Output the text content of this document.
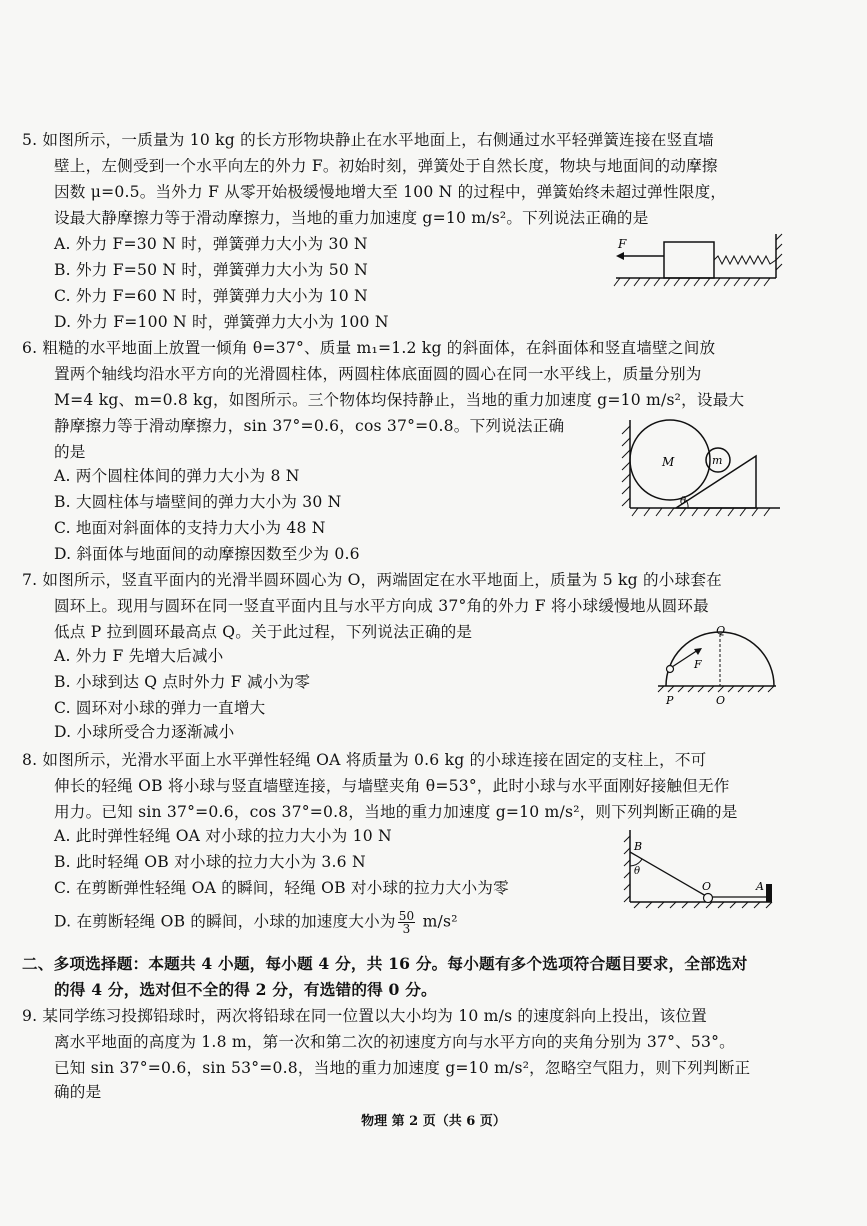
5. 如图所示，一质量为 10 kg 的长方形物块静止在水平地面上，右侧通过水平轻弹簧连接在竖直墙
壁上，左侧受到一个水平向左的外力 F。初始时刻，弹簧处于自然长度，物块与地面间的动摩擦
因数 μ=0.5。当外力 F 从零开始极缓慢地增大至 100 N 的过程中，弹簧始终未超过弹性限度，
设最大静摩擦力等于滑动摩擦力，当地的重力加速度 g=10 m/s²。下列说法正确的是
A. 外力 F=30 N 时，弹簧弹力大小为 30 N
B. 外力 F=50 N 时，弹簧弹力大小为 50 N
C. 外力 F=60 N 时，弹簧弹力大小为 10 N
D. 外力 F=100 N 时，弹簧弹力大小为 100 N
F
6. 粗糙的水平地面上放置一倾角 θ=37°、质量 m₁=1.2 kg 的斜面体，在斜面体和竖直墙壁之间放
置两个轴线均沿水平方向的光滑圆柱体，两圆柱体底面圆的圆心在同一水平线上，质量分别为
M=4 kg、m=0.8 kg，如图所示。三个物体均保持静止，当地的重力加速度 g=10 m/s²，设最大
静摩擦力等于滑动摩擦力，sin 37°=0.6，cos 37°=0.8。下列说法正确
的是
A. 两个圆柱体间的弹力大小为 8 N
B. 大圆柱体与墙壁间的弹力大小为 30 N
C. 地面对斜面体的支持力大小为 48 N
D. 斜面体与地面间的动摩擦因数至少为 0.6
M	m
θ
7. 如图所示，竖直平面内的光滑半圆环圆心为 O，两端固定在水平地面上，质量为 5 kg 的小球套在
圆环上。现用与圆环在同一竖直平面内且与水平方向成 37°角的外力 F 将小球缓慢地从圆环最
低点 P 拉到圆环最高点 Q。关于此过程，下列说法正确的是
A. 外力 F 先增大后减小
B. 小球到达 Q 点时外力 F 减小为零
C. 圆环对小球的弹力一直增大
D. 小球所受合力逐渐减小
Q
F
P	O
8. 如图所示，光滑水平面上水平弹性轻绳 OA 将质量为 0.6 kg 的小球连接在固定的支柱上，不可
伸长的轻绳 OB 将小球与竖直墙壁连接，与墙壁夹角 θ=53°，此时小球与水平面刚好接触但无作
用力。已知 sin 37°=0.6，cos 37°=0.8，当地的重力加速度 g=10 m/s²，则下列判断正确的是
A. 此时弹性轻绳 OA 对小球的拉力大小为 10 N
B. 此时轻绳 OB 对小球的拉力大小为 3.6 N
C. 在剪断弹性轻绳 OA 的瞬间，轻绳 OB 对小球的拉力大小为零
D. 在剪断轻绳 OB 的瞬间，小球的加速度大小为 $\frac{50}{3} m/s^2$
B
θ
O	A
二、多项选择题：本题共 4 小题，每小题 4 分，共 16 分。每小题有多个选项符合题目要求，全部选对
的得 4 分，选对但不全的得 2 分，有选错的得 0 分。
9. 某同学练习投掷铅球时，两次将铅球在同一位置以大小均为 10 m/s 的速度斜向上投出，该位置
离水平地面的高度为 1.8 m，第一次和第二次的初速度方向与水平方向的夹角分别为 37°、53°。
已知 sin 37°=0.6，sin 53°=0.8，当地的重力加速度 g=10 m/s²，忽略空气阻力，则下列判断正
确的是
物理 第 2 页（共 6 页）
